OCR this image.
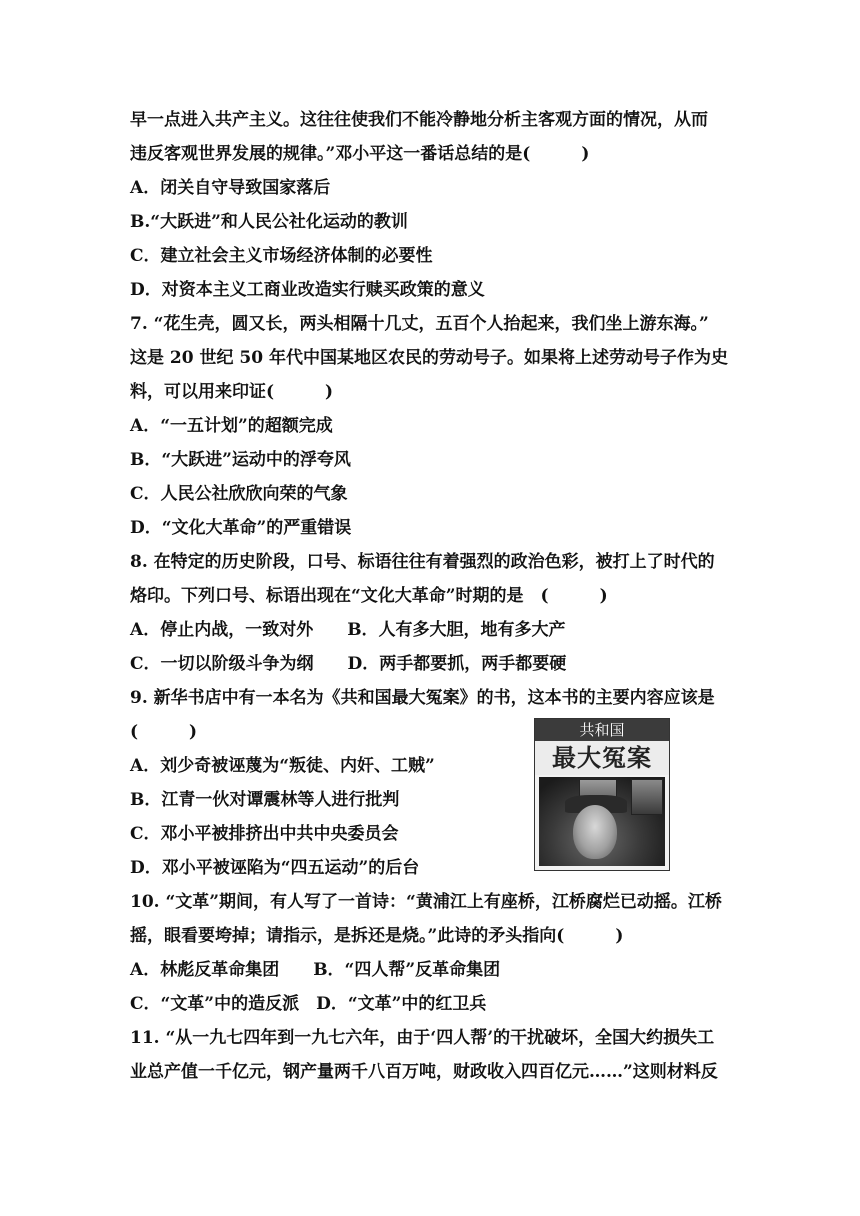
早一点进入共产主义。这往往使我们不能冷静地分析主客观方面的情况，从而
违反客观世界发展的规律。”邓小平这一番话总结的是(　　　)
A．闭关自守导致国家落后
B.“大跃进”和人民公社化运动的教训
C．建立社会主义市场经济体制的必要性
D．对资本主义工商业改造实行赎买政策的意义
7. “花生壳，圆又长，两头相隔十几丈，五百个人抬起来，我们坐上游东海。”
这是 20 世纪 50 年代中国某地区农民的劳动号子。如果将上述劳动号子作为史
料，可以用来印证(　　　)
A．“一五计划”的超额完成
B．“大跃进”运动中的浮夸风
C．人民公社欣欣向荣的气象
D．“文化大革命”的严重错误
8. 在特定的历史阶段，口号、标语往往有着强烈的政治色彩，被打上了时代的
烙印。下列口号、标语出现在“文化大革命”时期的是　(　　　)
A．停止内战，一致对外　　B．人有多大胆，地有多大产
C．一切以阶级斗争为纲　　D．两手都要抓，两手都要硬
9. 新华书店中有一本名为《共和国最大冤案》的书，这本书的主要内容应该是
(　　　)
A．刘少奇被诬蔑为“叛徒、内奸、工贼”
B．江青一伙对谭震林等人进行批判
C．邓小平被排挤出中共中央委员会
D．邓小平被诬陷为“四五运动”的后台
10. “文革”期间，有人写了一首诗：“黄浦江上有座桥，江桥腐烂已动摇。江桥
摇，眼看要垮掉；请指示，是拆还是烧。”此诗的矛头指向(　　　)
A．林彪反革命集团　　B．“四人帮”反革命集团
C．“文革”中的造反派　D．“文革”中的红卫兵
11. “从一九七四年到一九七六年，由于‘四人帮’的干扰破坏，全国大约损失工
业总产值一千亿元，钢产量两千八百万吨，财政收入四百亿元……”这则材料反
共和国
最大冤案
